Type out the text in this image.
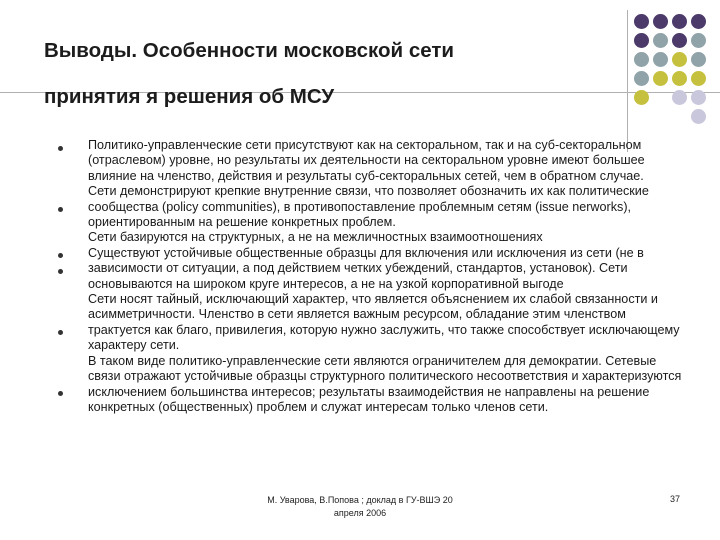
Выводы. Особенности московской сети
принятия я решения об МСУ

Политико-управленческие сети присутствуют как на секторальном, так и на суб-секторальном (отраслевом) уровне, но результаты их деятельности на секторальном уровне имеют большее влияние на членство, действия и результаты суб-секторальных сетей, чем в обратном случае.

Сети демонстрируют крепкие внутренние связи, что позволяет обозначить их как политические сообщества (policy communities), в противопоставление проблемным сетям (issue nerworks), ориентированным на решение конкретных проблем.

Сети базируются на структурных, а не на межличностных взаимоотношениях

Существуют устойчивые общественные образцы для включения или исключения из сети (не в зависимости от ситуации, а под действием четких убеждений, стандартов, установок). Сети основываются на широком круге интересов, а не на узкой корпоративной выгоде

Сети носят тайный, исключающий характер, что является объяснением их слабой связанности и асимметричности. Членство в сети является важным ресурсом, обладание этим членством трактуется как благо, привилегия, которую нужно заслужить, что также способствует исключающему характеру сети.

В таком виде политико-управленческие сети являются ограничителем для демократии. Сетевые связи отражают устойчивые образцы структурного политического несоответствия и характеризуются исключением большинства интересов; результаты взаимодействия не направлены на решение конкретных (общественных) проблем и служат интересам только членов сети.

М. Уварова, В.Попова ; доклад в ГУ-ВШЭ 20
апреля 2006
37
